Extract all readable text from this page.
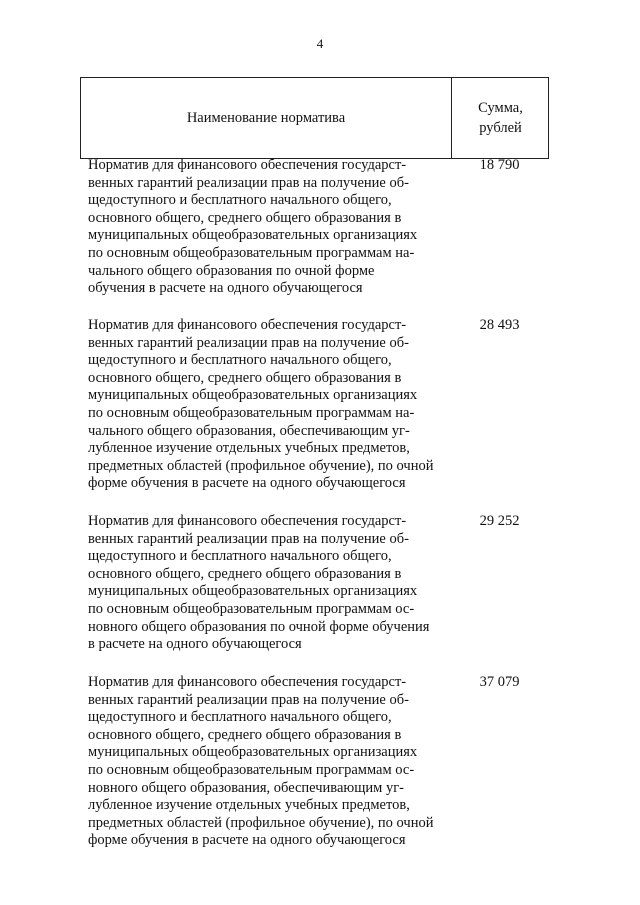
4
Наименование норматива
Сумма,
рублей
Норматив для финансового обеспечения государст-
венных гарантий реализации прав на получение об-
щедоступного и бесплатного начального общего,
основного общего, среднего общего образования в
муниципальных общеобразовательных организациях
по основным общеобразовательным программам на-
чального общего образования по очной форме
обучения в расчете на одного обучающегося
18 790
Норматив для финансового обеспечения государст-
венных гарантий реализации прав на получение об-
щедоступного и бесплатного начального общего,
основного общего, среднего общего образования в
муниципальных общеобразовательных организациях
по основным общеобразовательным программам на-
чального общего образования, обеспечивающим уг-
лубленное изучение отдельных учебных предметов,
предметных областей (профильное обучение), по очной
форме обучения в расчете на одного обучающегося
28 493
Норматив для финансового обеспечения государст-
венных гарантий реализации прав на получение об-
щедоступного и бесплатного начального общего,
основного общего, среднего общего образования в
муниципальных общеобразовательных организациях
по основным общеобразовательным программам ос-
новного общего образования по очной форме обучения
в расчете на одного обучающегося
29 252
Норматив для финансового обеспечения государст-
венных гарантий реализации прав на получение об-
щедоступного и бесплатного начального общего,
основного общего, среднего общего образования в
муниципальных общеобразовательных организациях
по основным общеобразовательным программам ос-
новного общего образования, обеспечивающим уг-
лубленное изучение отдельных учебных предметов,
предметных областей (профильное обучение), по очной
форме обучения в расчете на одного обучающегося
37 079
